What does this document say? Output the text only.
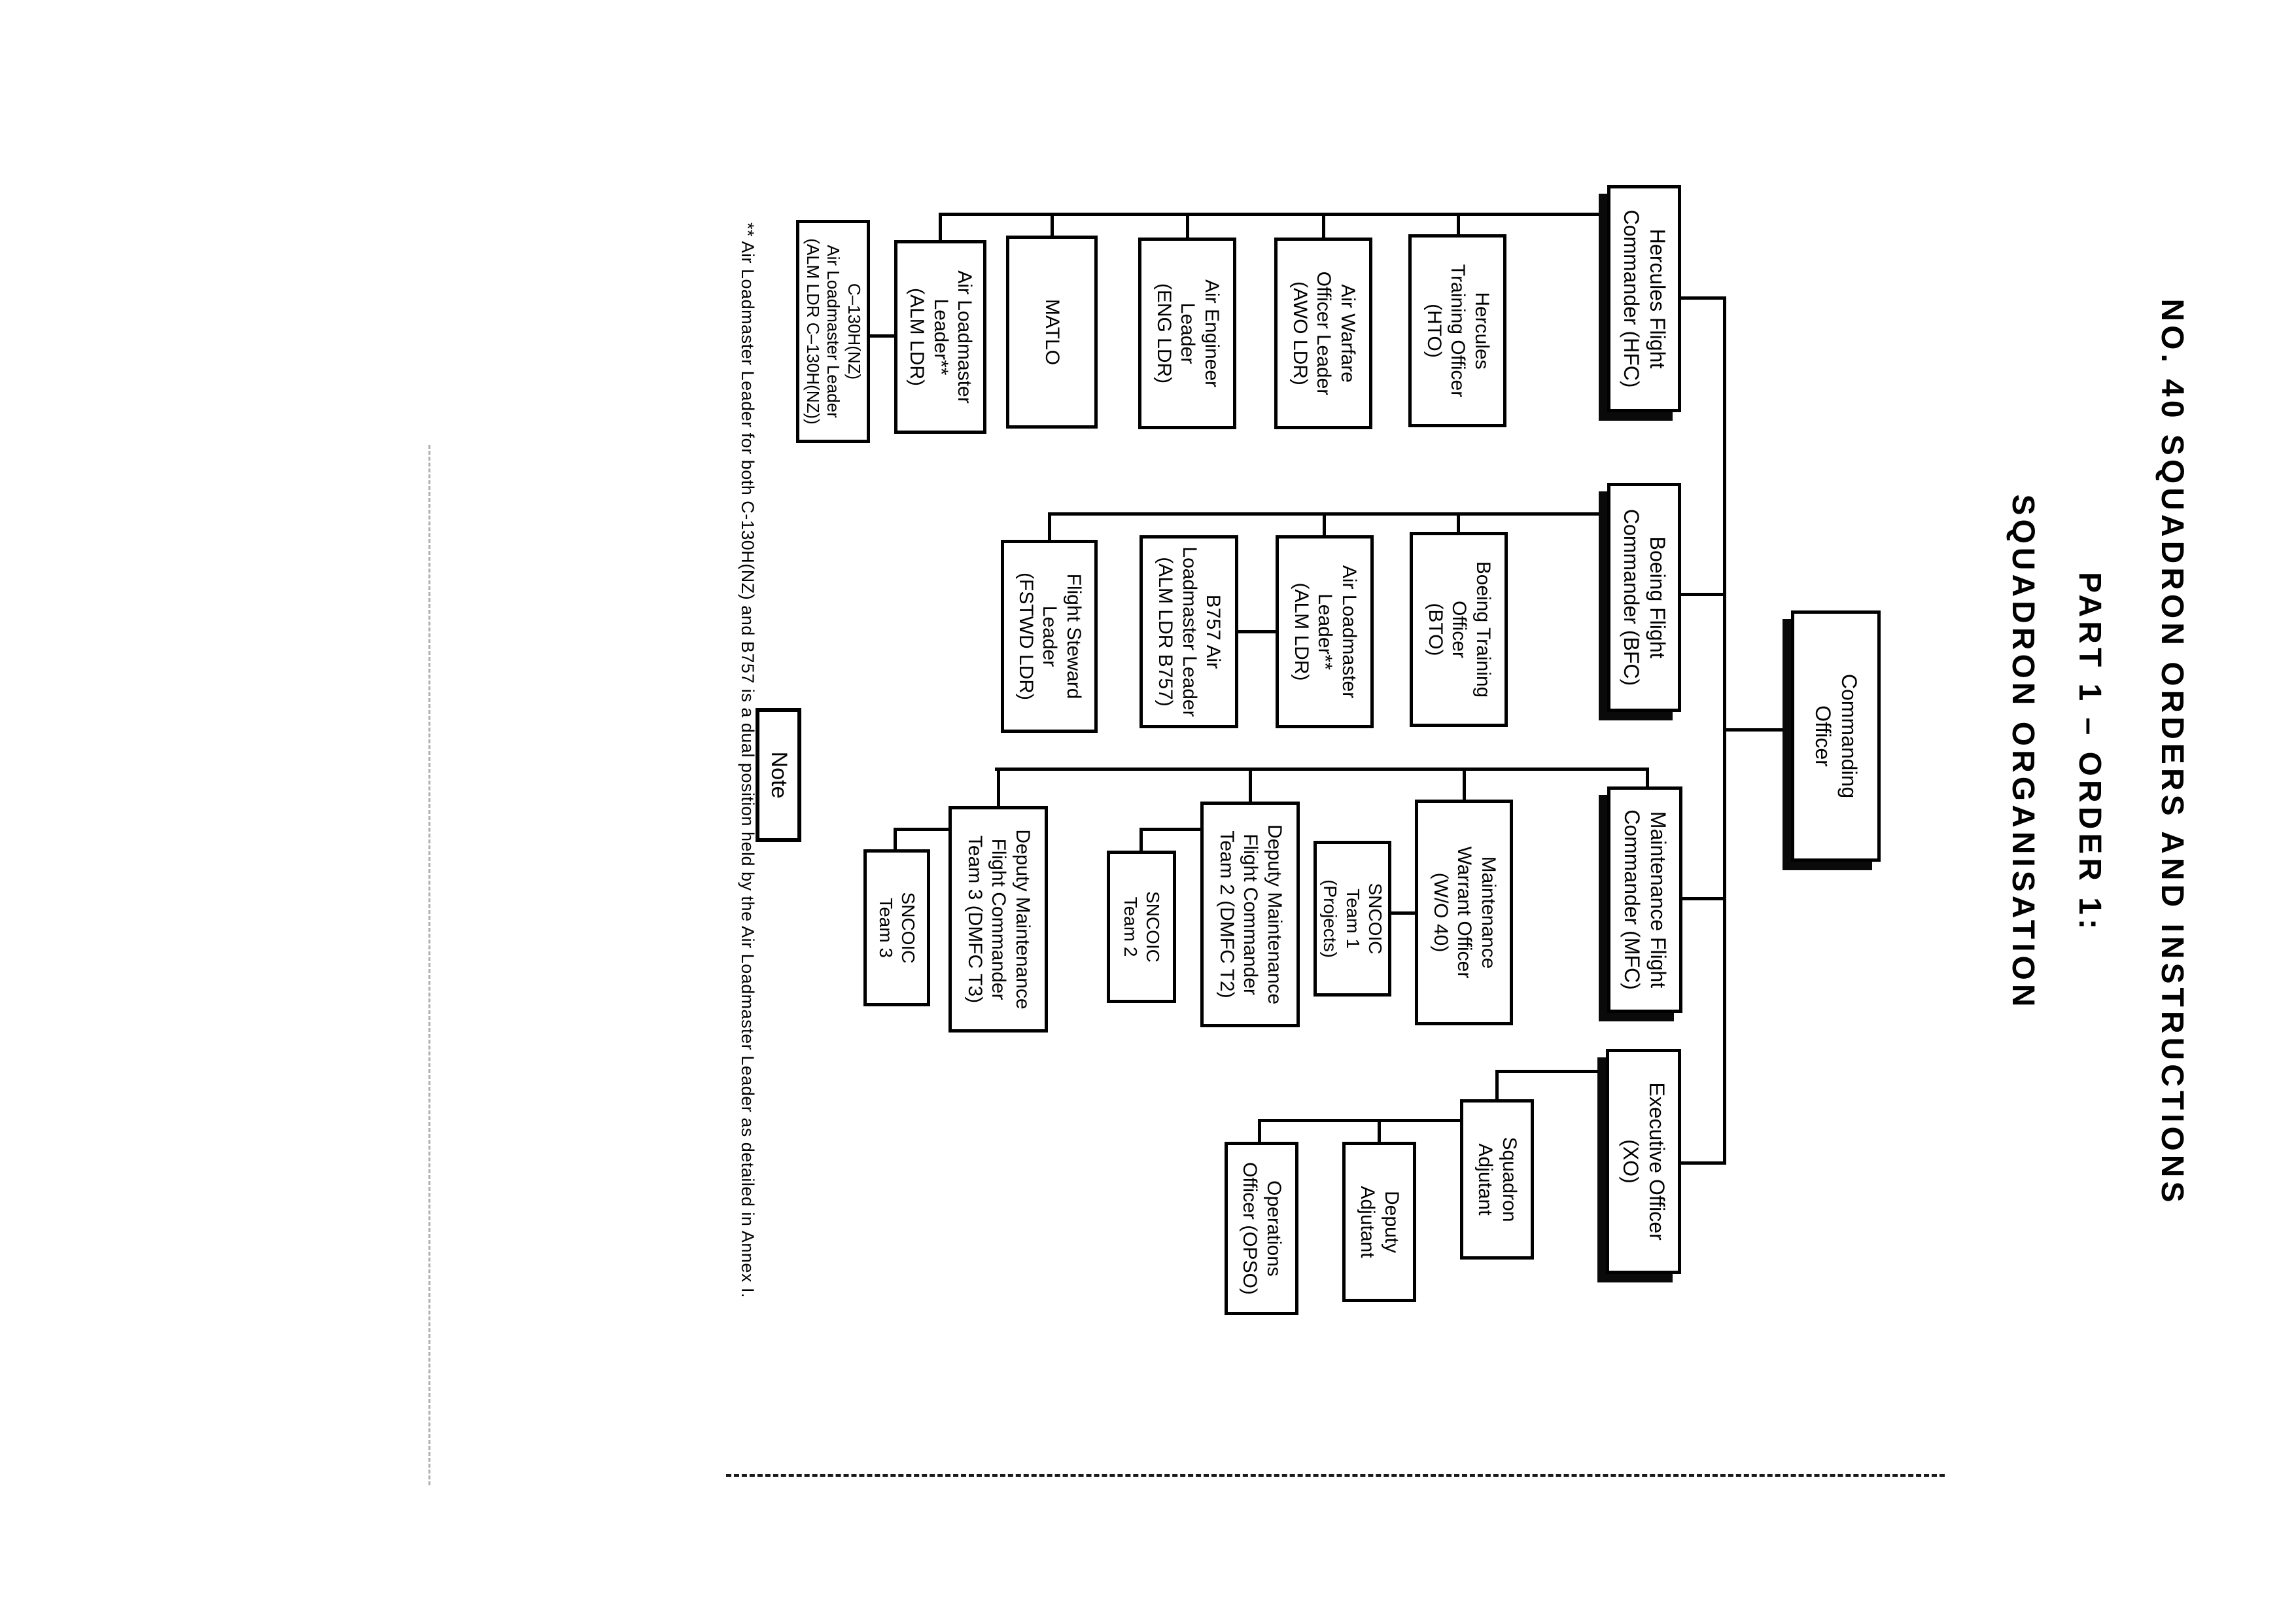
NO. 40 SQUADRON ORDERS AND INSTRUCTIONS
PART 1 – ORDER 1:
SQUADRON ORGANISATION
Commanding
Officer
Hercules Flight
Commander (HFC)
Boeing Flight
Commander (BFC)
Maintenance Flight
Commander (MFC)
Executive Officer
(XO)
Hercules
Training Officer
(HTO)
Air Warfare
Officer Leader
(AWO LDR)
Air Engineer
Leader
(ENG LDR)
MATLO
Air Loadmaster
Leader**
(ALM LDR)
C–130H(NZ)
Air Loadmaster Leader
(ALM LDR C–130H(NZ))
Boeing Training
Officer
(BTO)
Air Loadmaster
Leader**
(ALM LDR)
B757 Air
Loadmaster Leader
(ALM LDR B757)
Flight Steward
Leader
(FSTWD LDR)
Maintenance
Warrant Officer
(W/O 40)
SNCOIC
Team 1
(Projects)
Deputy Maintenance
Flight Commander
Team 2 (DMFC T2)
SNCOIC
Team 2
Deputy Maintenance
Flight Commander
Team 3 (DMFC T3)
SNCOIC
Team 3
Squadron
Adjutant
Deputy
Adjutant
Operations
Officer (OPSO)
Note
** Air Loadmaster Leader for both C-130H(NZ) and B757 is a dual position held by the Air Loadmaster Leader as detailed in Annex I.
